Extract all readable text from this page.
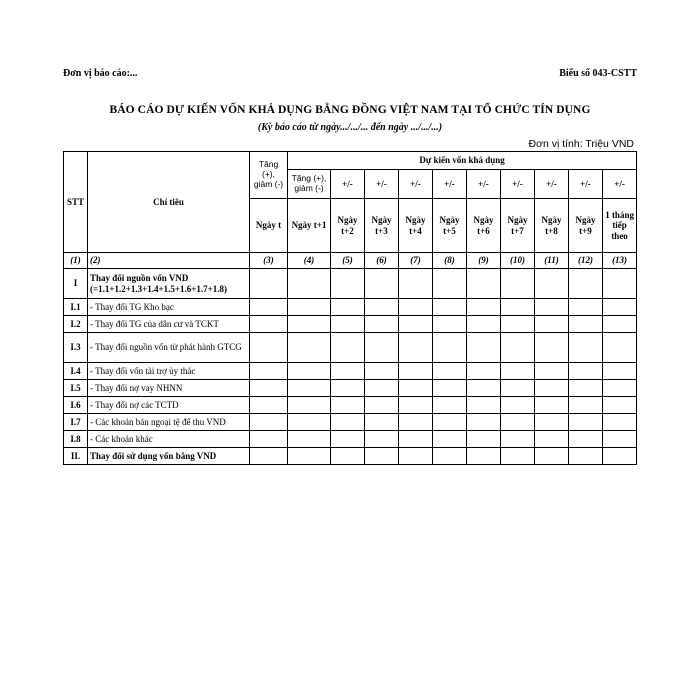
Đơn vị báo cáo:...	Biểu số 043-CSTT
BÁO CÁO DỰ KIẾN VỐN KHẢ DỤNG BẰNG ĐỒNG VIỆT NAM TẠI TỔ CHỨC TÍN DỤNG
(Kỳ báo cáo từ ngày.../.../... đến ngày .../.../...)
Đơn vị tính: Triệu VND
STT	Chỉ tiêu	Tăng (+), giảm (-)	Dự kiến vốn khả dụng									
			Tăng (+), giảm (-)	+/-	+/-	+/-	+/-	+/-	+/-	+/-	+/-	+/-
		Ngày t	Ngày t+1	Ngày t+2	Ngày t+3	Ngày t+4	Ngày t+5	Ngày t+6	Ngày t+7	Ngày t+8	Ngày t+9	1 tháng tiếp theo
(1)	(2)	(3)	(4)	(5)	(6)	(7)	(8)	(9)	(10)	(11)	(12)	(13)
I	Thay đổi nguồn vốn VND (=1.1+1.2+1.3+1.4+1.5+1.6+1.7+1.8)											
I.1	- Thay đổi TG Kho bạc											
I.2	- Thay đổi TG của dân cư và TCKT											
I.3	- Thay đổi nguồn vốn từ phát hành GTCG											
I.4	- Thay đổi vốn tài trợ ủy thác											
I.5	- Thay đổi nợ vay NHNN											
I.6	- Thay đổi nợ các TCTD											
I.7	- Các khoản bán ngoại tệ để thu VND											
I.8	- Các khoản khác											
II.	Thay đổi sử dụng vốn bằng VND											
